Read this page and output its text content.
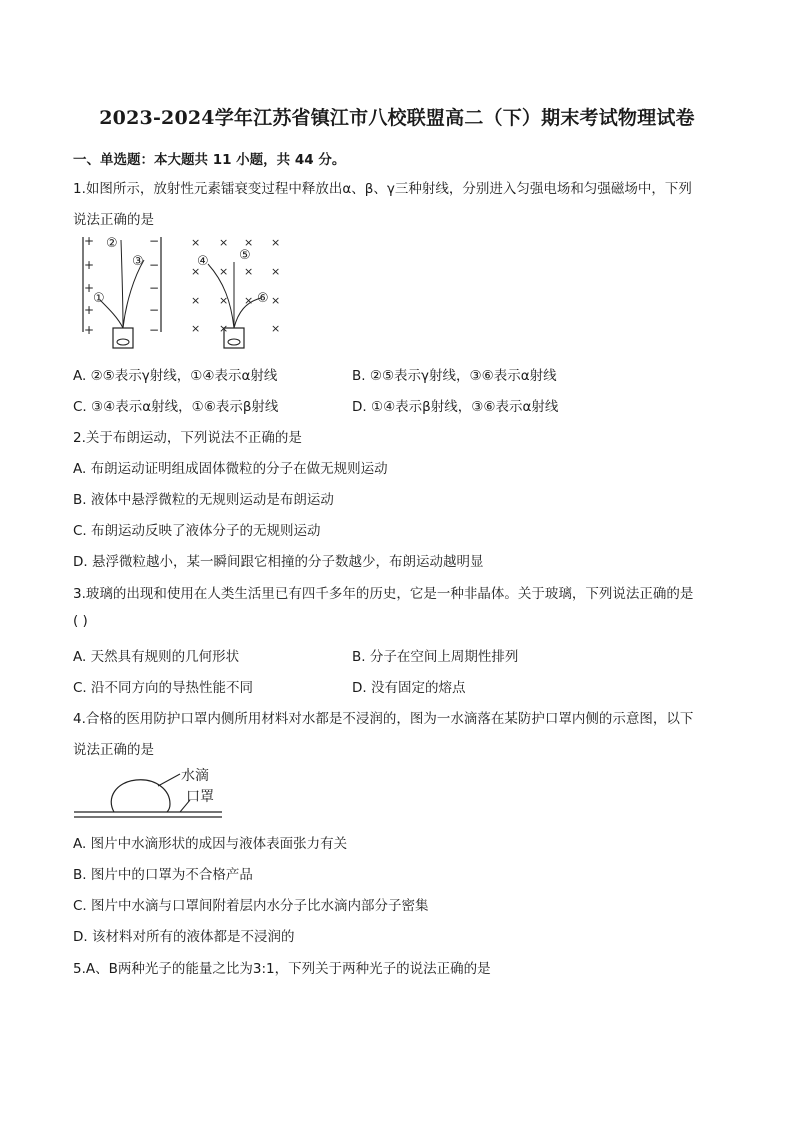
2023-2024学年江苏省镇江市八校联盟高二（下）期末考试物理试卷
一、单选题：本大题共 11 小题，共 44 分。
1.如图所示，放射性元素镭衰变过程中释放出α、β、γ三种射线，分别进入匀强电场和匀强磁场中，下列
说法正确的是
+
+
+
+
+
−
−
−
−
−
②
③
①
× × × ×
× × × ×
× × × ×
× ×	×
④ ⑤
⑥
A. ②⑤表示γ射线，①④表示α射线	B. ②⑤表示γ射线，③⑥表示α射线
C. ③④表示α射线，①⑥表示β射线	D. ①④表示β射线，③⑥表示α射线
2.关于布朗运动，下列说法不正确的是
A. 布朗运动证明组成固体微粒的分子在做无规则运动
B. 液体中悬浮微粒的无规则运动是布朗运动
C. 布朗运动反映了液体分子的无规则运动
D. 悬浮微粒越小，某一瞬间跟它相撞的分子数越少，布朗运动越明显
3.玻璃的出现和使用在人类生活里已有四千多年的历史，它是一种非晶体。关于玻璃，下列说法正确的是
( )
A. 天然具有规则的几何形状	B. 分子在空间上周期性排列
C. 沿不同方向的导热性能不同	D. 没有固定的熔点
4.合格的医用防护口罩内侧所用材料对水都是不浸润的，图为一水滴落在某防护口罩内侧的示意图，以下
说法正确的是
水滴
口罩
A. 图片中水滴形状的成因与液体表面张力有关
B. 图片中的口罩为不合格产品
C. 图片中水滴与口罩间附着层内水分子比水滴内部分子密集
D. 该材料对所有的液体都是不浸润的
5.A、B两种光子的能量之比为3:1，下列关于两种光子的说法正确的是
